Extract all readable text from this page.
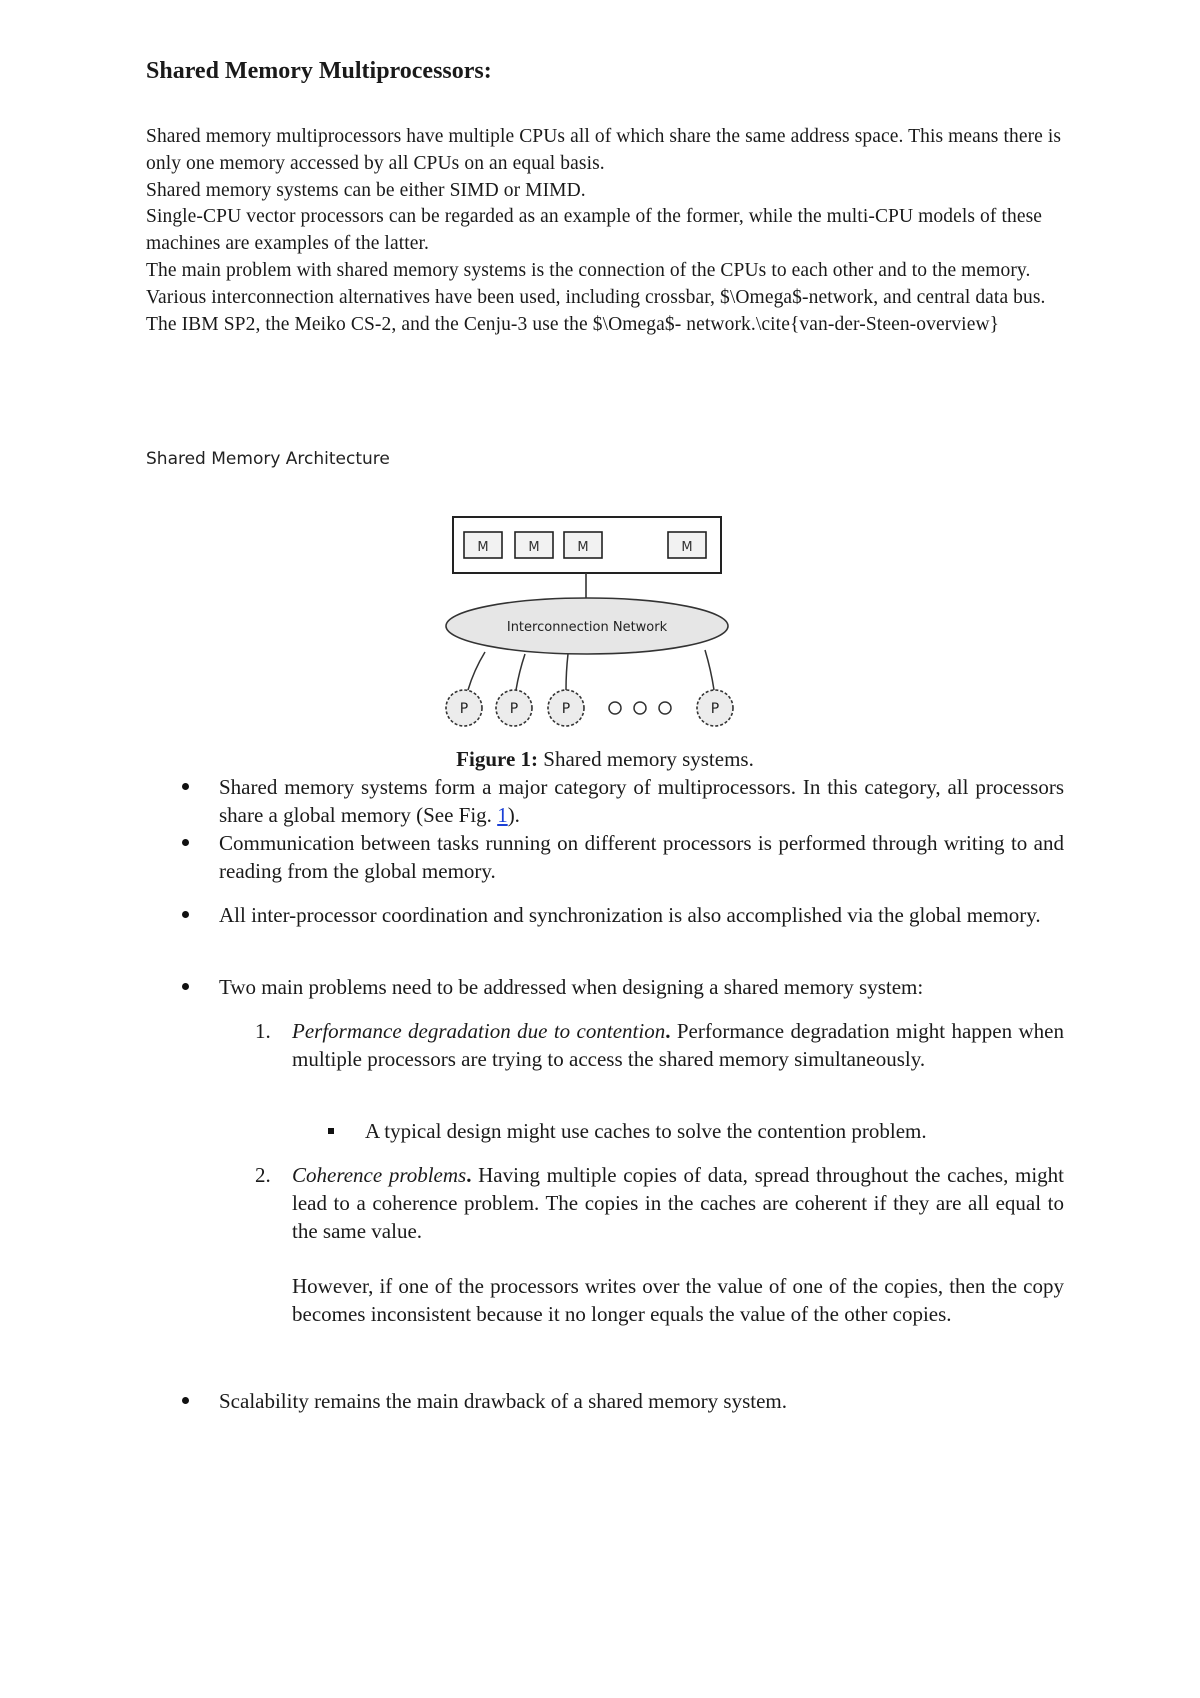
Shared Memory Multiprocessors:

Shared memory multiprocessors have multiple CPUs all of which share the same address space. This means there is only one memory accessed by all CPUs on an equal basis.

Shared memory systems can be either SIMD or MIMD.

Single-CPU vector processors can be regarded as an example of the former, while the multi-CPU models of these machines are examples of the latter.

The main problem with shared memory systems is the connection of the CPUs to each other and to the memory.

Various interconnection alternatives have been used, including crossbar, $\Omega$-network, and central data bus.

The IBM SP2, the Meiko CS-2, and the Cenju-3 use the $\Omega$- network.\cite{van-der-Steen-overview}

Shared Memory Architecture
M	M	M	M
Interconnection Network
P	P	P	P
Figure 1: Shared memory systems.
Shared memory systems form a major category of multiprocessors. In this category, all processors share a global memory (See Fig. 1).
Communication between tasks running on different processors is performed through writing to and reading from the global memory.
All inter-processor coordination and synchronization is also accomplished via the global memory.
Two main problems need to be addressed when designing a shared memory system:
1. Performance degradation due to contention. Performance degradation might happen when multiple processors are trying to access the shared memory simultaneously.
A typical design might use caches to solve the contention problem.
2. Coherence problems. Having multiple copies of data, spread throughout the caches, might lead to a coherence problem. The copies in the caches are coherent if they are all equal to the same value.
However, if one of the processors writes over the value of one of the copies, then the copy becomes inconsistent because it no longer equals the value of the other copies.
Scalability remains the main drawback of a shared memory system.
